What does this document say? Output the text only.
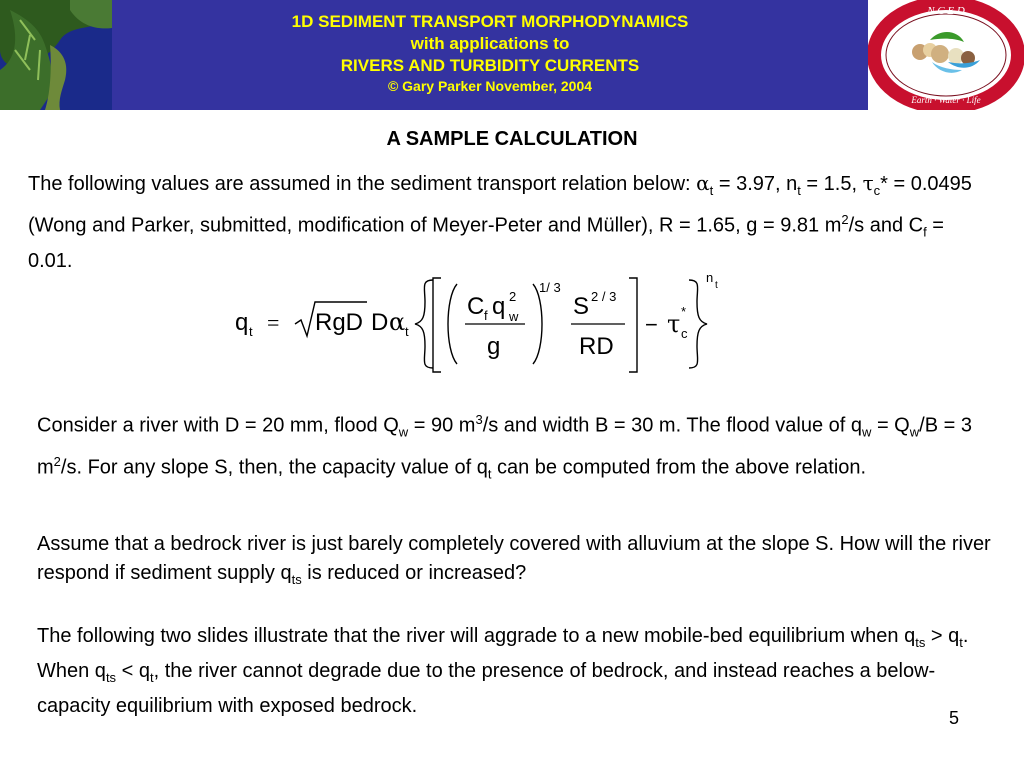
1D SEDIMENT TRANSPORT MORPHODYNAMICS
with applications to
RIVERS AND TURBIDITY CURRENTS
© Gary Parker November, 2004
N C E D
Earth · Water · Life
A SAMPLE CALCULATION
The following values are assumed in the sediment transport relation below: $\alpha_t = 3.97$, $n_t = 1.5$, $\tau_c* = 0.0495$ (Wong and Parker, submitted, modification of Meyer-Peter and Müller), R = 1.65, g = 9.81 $m^2/s$ and $C_f = 0.01$.
q t = RgD D α t
C f q 2
w
g
1/ 3
S 2 / 3
RD
− τ *
c
n
t
Consider a river with D = 20 mm, flood $Q_w = 90$ $m^3/s$ and width B = 30 m. The flood value of $q_w = Q_w/B = 3$ $m^2/s$. For any slope S, then, the capacity value of $q_t$ can be computed from the above relation.
Assume that a bedrock river is just barely completely covered with alluvium at the slope S. How will the river respond if sediment supply $q_{ts}$ is reduced or increased?
The following two slides illustrate that the river will aggrade to a new mobile-bed equilibrium when $q_{ts} > q_t$. When $q_{ts} < q_t$, the river cannot degrade due to the presence of bedrock, and instead reaches a below-capacity equilibrium with exposed bedrock.
5
